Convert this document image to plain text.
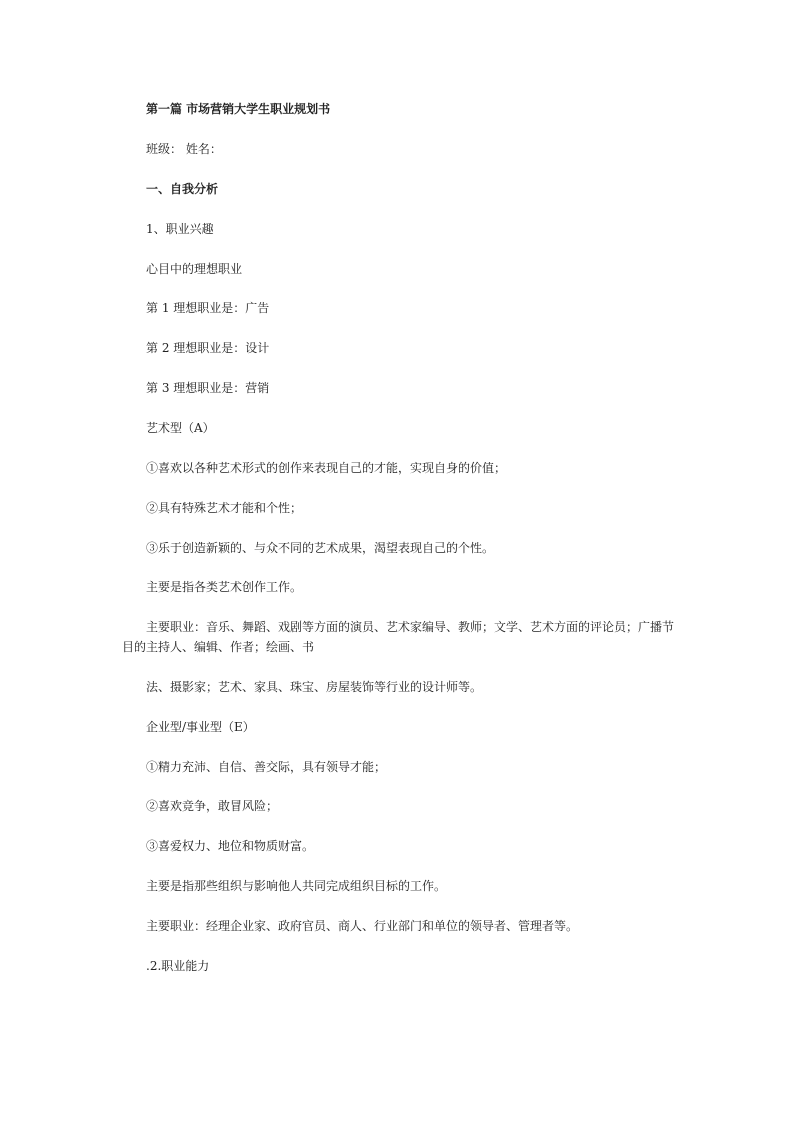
第一篇 市场营销大学生职业规划书
班级： 姓名：
一、自我分析
1、职业兴趣
心目中的理想职业
第 1 理想职业是：广告
第 2 理想职业是：设计
第 3 理想职业是：营销
艺术型（A）
①喜欢以各种艺术形式的创作来表现自己的才能，实现自身的价值；
②具有特殊艺术才能和个性；
③乐于创造新颖的、与众不同的艺术成果，渴望表现自己的个性。
主要是指各类艺术创作工作。
主要职业：音乐、舞蹈、戏剧等方面的演员、艺术家编导、教师；文学、艺术方面的评论员；广播节
目的主持人、编辑、作者；绘画、书
法、摄影家；艺术、家具、珠宝、房屋装饰等行业的设计师等。
企业型/事业型（E）
①精力充沛、自信、善交际，具有领导才能；
②喜欢竞争，敢冒风险；
③喜爱权力、地位和物质财富。
主要是指那些组织与影响他人共同完成组织目标的工作。
主要职业：经理企业家、政府官员、商人、行业部门和单位的领导者、管理者等。
.2.职业能力
